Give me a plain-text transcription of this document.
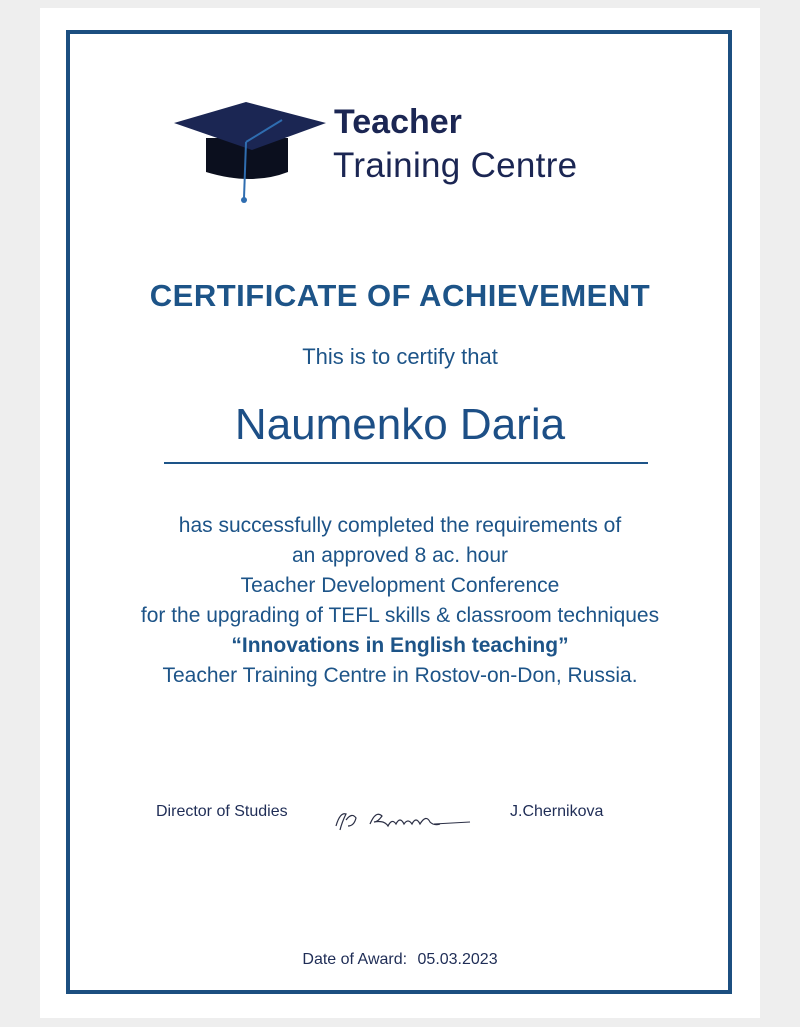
Teacher
Training Centre
CERTIFICATE OF ACHIEVEMENT
This is to certify that
Naumenko Daria
has successfully completed the requirements of
an approved 8 ac. hour
Teacher Development Conference
for the upgrading of TEFL skills & classroom techniques
“Innovations in English teaching”
Teacher Training Centre in Rostov-on-Don, Russia.
Director of Studies	J.Chernikova
Date of Award: 05.03.2023
